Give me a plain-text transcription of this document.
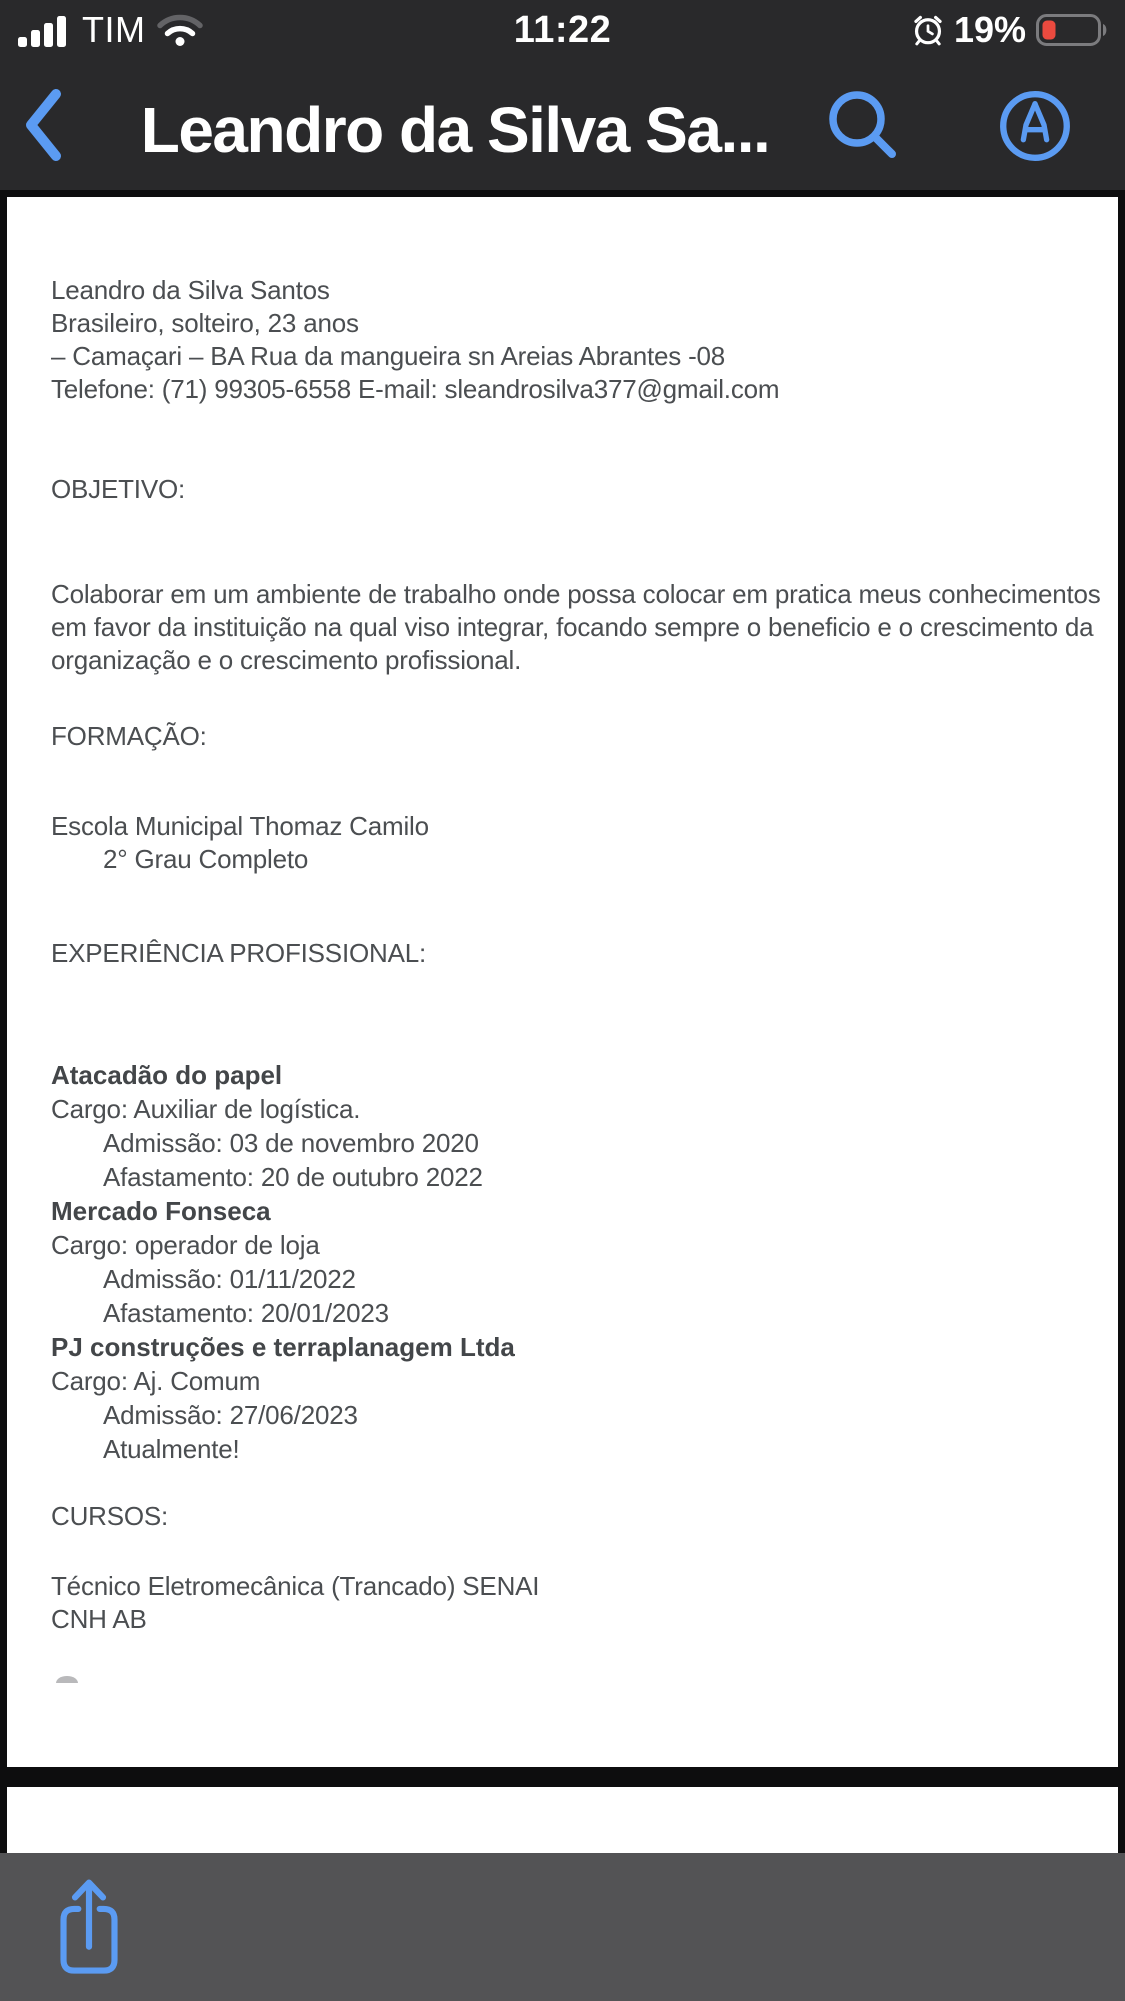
TIM	11:22	19%
Leandro da Silva Sa...
Leandro da Silva Santos
Brasileiro, solteiro, 23 anos
– Camaçari – BA Rua da mangueira sn Areias Abrantes -08
Telefone: (71) 99305-6558 E-mail: sleandrosilva377@gmail.com
OBJETIVO:
Colaborar em um ambiente de trabalho onde possa colocar em pratica meus conhecimentos
em favor da instituição na qual viso integrar, focando sempre o beneficio e o crescimento da
organização e o crescimento profissional.
FORMAÇÃO:
Escola Municipal Thomaz Camilo
2° Grau Completo
EXPERIÊNCIA PROFISSIONAL:
Atacadão do papel
Cargo: Auxiliar de logística.
Admissão: 03 de novembro 2020
Afastamento: 20 de outubro 2022
Mercado Fonseca
Cargo: operador de loja
Admissão: 01/11/2022
Afastamento: 20/01/2023
PJ construções e terraplanagem Ltda
Cargo: Aj. Comum
Admissão: 27/06/2023
Atualmente!
CURSOS:
Técnico Eletromecânica (Trancado) SENAI
CNH AB
